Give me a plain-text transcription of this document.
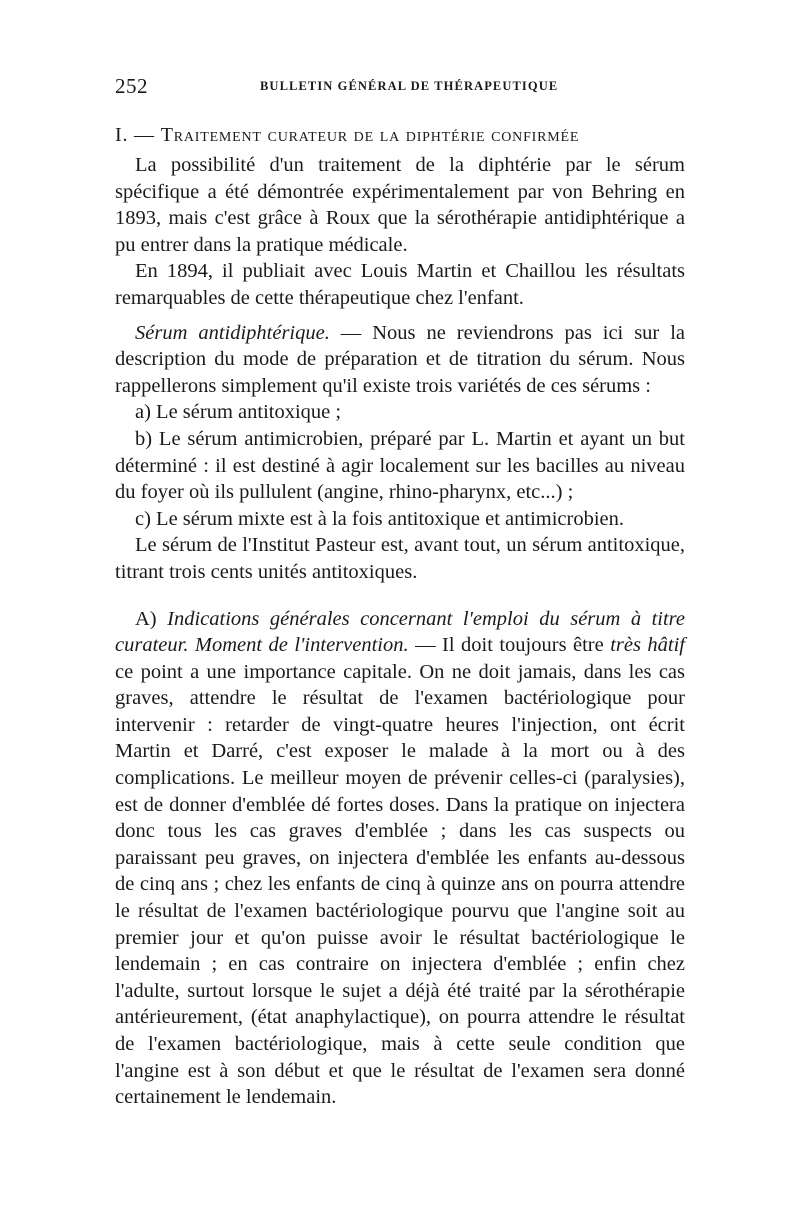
252	BULLETIN GÉNÉRAL DE THÉRAPEUTIQUE
I. — Traitement curateur de la diphtérie confirmée

La possibilité d'un traitement de la diphtérie par le sérum spécifique a été démontrée expérimentalement par von Behring en 1893, mais c'est grâce à Roux que la sérothérapie antidiphtérique a pu entrer dans la pratique médicale.

En 1894, il publiait avec Louis Martin et Chaillou les résultats remarquables de cette thérapeutique chez l'enfant.

Sérum antidiphtérique. — Nous ne reviendrons pas ici sur la description du mode de préparation et de titration du sérum. Nous rappellerons simplement qu'il existe trois variétés de ces sérums :

a) Le sérum antitoxique ;

b) Le sérum antimicrobien, préparé par L. Martin et ayant un but déterminé : il est destiné à agir localement sur les bacilles au niveau du foyer où ils pullulent (angine, rhino-pharynx, etc...) ;

c) Le sérum mixte est à la fois antitoxique et antimicrobien.

Le sérum de l'Institut Pasteur est, avant tout, un sérum antitoxique, titrant trois cents unités antitoxiques.

A) Indications générales concernant l'emploi du sérum à titre curateur. Moment de l'intervention. — Il doit toujours être très hâtif ce point a une importance capitale. On ne doit jamais, dans les cas graves, attendre le résultat de l'examen bactériologique pour intervenir : retarder de vingt-quatre heures l'injection, ont écrit Martin et Darré, c'est exposer le malade à la mort ou à des complications. Le meilleur moyen de prévenir celles-ci (paralysies), est de donner d'emblée dé fortes doses. Dans la pratique on injectera donc tous les cas graves d'emblée ; dans les cas suspects ou paraissant peu graves, on injectera d'emblée les enfants au-dessous de cinq ans ; chez les enfants de cinq à quinze ans on pourra attendre le résultat de l'examen bactériologique pourvu que l'angine soit au premier jour et qu'on puisse avoir le résultat bactériologique le lendemain ; en cas contraire on injectera d'emblée ; enfin chez l'adulte, surtout lorsque le sujet a déjà été traité par la sérothérapie antérieurement, (état anaphylactique), on pourra attendre le résultat de l'examen bactériologique, mais à cette seule condition que l'angine est à son début et que le résultat de l'examen sera donné certainement le lendemain.
